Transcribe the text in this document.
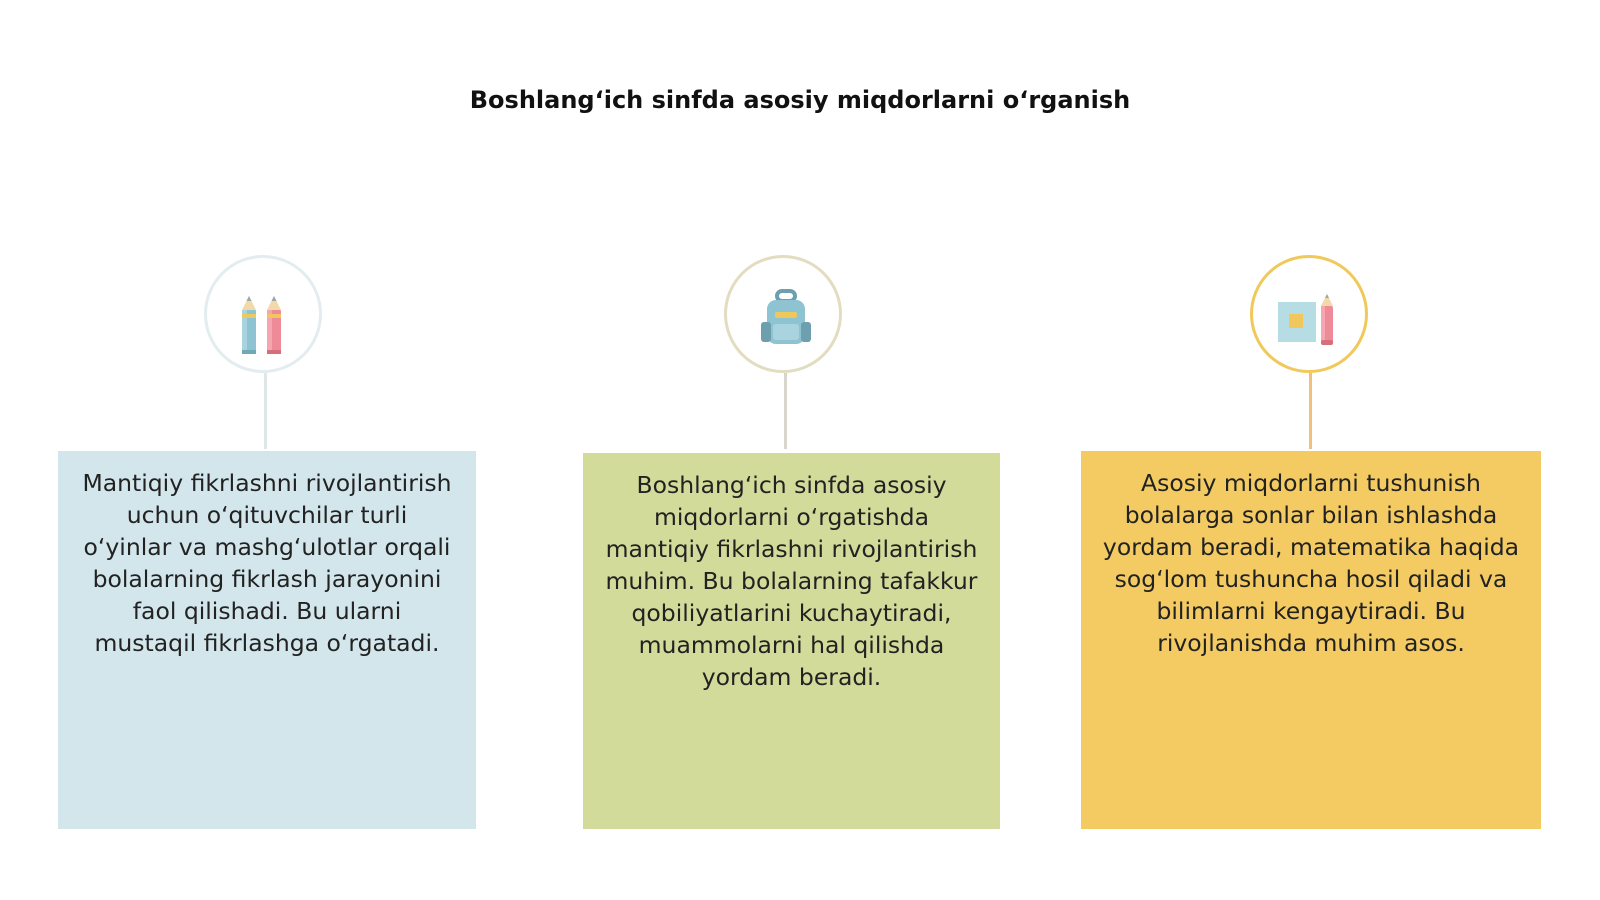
Boshlang‘ich sinfda asosiy miqdorlarni o‘rganish
Mantiqiy fikrlashni rivojlantirish uchun o‘qituvchilar turli o‘yinlar va mashg‘ulotlar orqali bolalarning fikrlash jarayonini faol qilishadi. Bu ularni mustaqil fikrlashga o‘rgatadi.
Boshlang‘ich sinfda asosiy miqdorlarni o‘rgatishda mantiqiy fikrlashni rivojlantirish muhim. Bu bolalarning tafakkur qobiliyatlarini kuchaytiradi, muammolarni hal qilishda yordam beradi.
Asosiy miqdorlarni tushunish bolalarga sonlar bilan ishlashda yordam beradi, matematika haqida sog‘lom tushuncha hosil qiladi va bilimlarni kengaytiradi. Bu rivojlanishda muhim asos.
